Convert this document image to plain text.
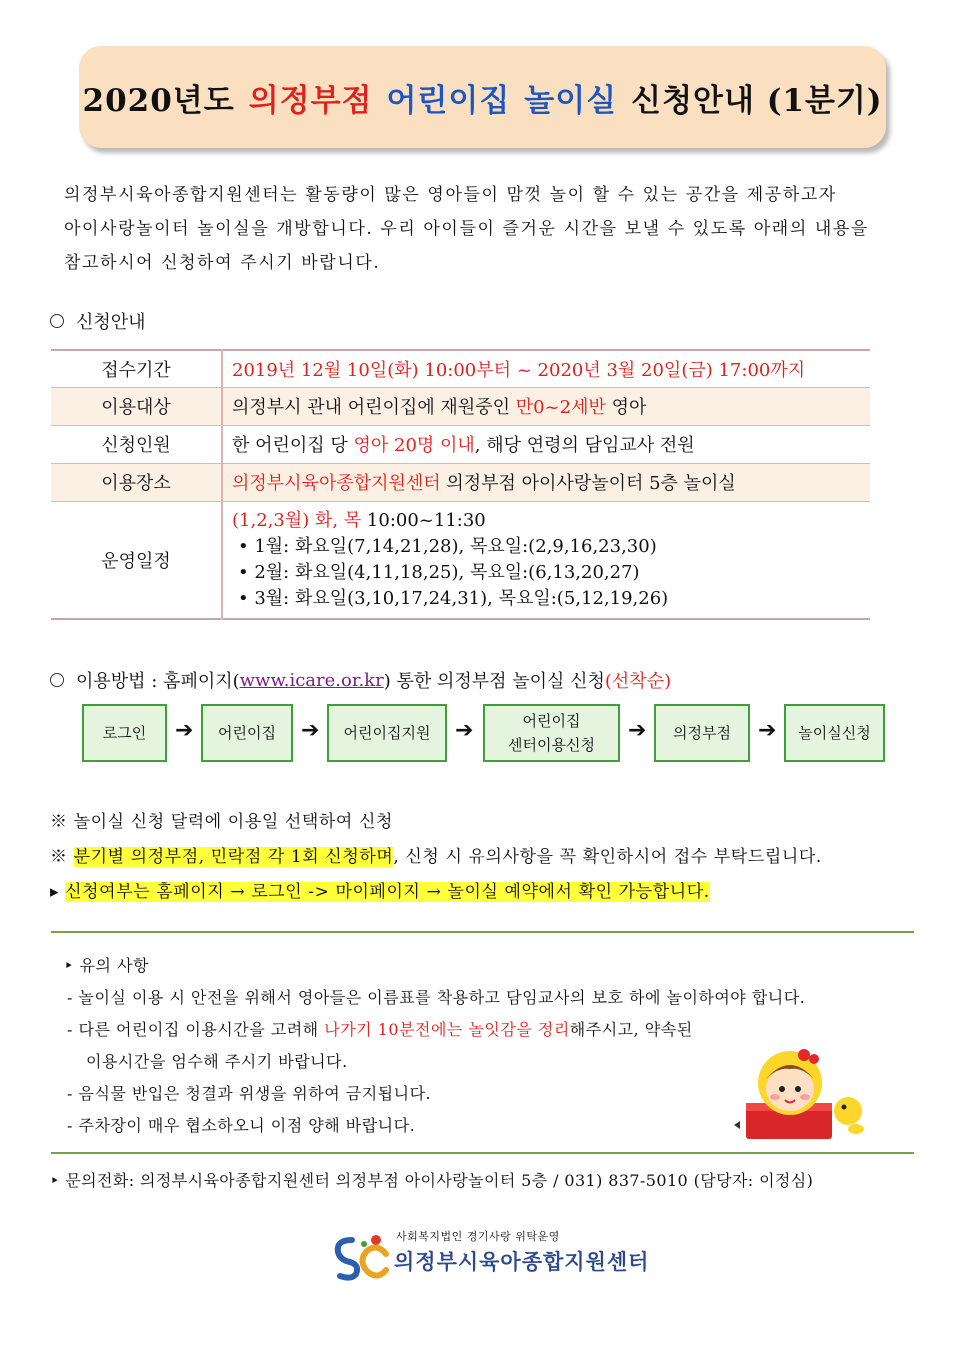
2020년도 의정부점 어린이집 놀이실 신청안내 (1분기)
의정부시육아종합지원센터는 활동량이 많은 영아들이 맘껏 놀이 할 수 있는 공간을 제공하고자
아이사랑놀이터 놀이실을 개방합니다. 우리 아이들이 즐거운 시간을 보낼 수 있도록 아래의 내용을
참고하시어 신청하여 주시기 바랍니다.
신청안내
접수기간	2019년 12월 10일(화) 10:00부터 ~ 2020년 3월 20일(금) 17:00까지
이용대상	의정부시 관내 어린이집에 재원중인 만0~2세반 영아
신청인원	한 어린이집 당 영아 20명 이내, 해당 연령의 담임교사 전원
이용장소	의정부시육아종합지원센터 의정부점 아이사랑놀이터 5층 놀이실
운영일정	(1,2,3월) 화, 목 10:00~11:30
• 1월: 화요일(7,14,21,28), 목요일:(2,9,16,23,30)
• 2월: 화요일(4,11,18,25), 목요일:(6,13,20,27)
• 3월: 화요일(3,10,17,24,31), 목요일:(5,12,19,26)
이용방법 : 홈페이지( www.icare.or.kr ) 통한 의정부점 놀이실 신청 (선착순)
로그인	➔	어린이집	➔	어린이집지원	➔	어린이집
센터이용신청
➔	의정부점	➔	놀이실신청
※ 놀이실 신청 달력에 이용일 선택하여 신청
※ 분기별 의정부점, 민락점 각 1회 신청하며, 신청 시 유의사항을 꼭 확인하시어 접수 부탁드립니다.
▸ 신청여부는 홈페이지 → 로그인 -> 마이페이지 → 놀이실 예약에서 확인 가능합니다.
‣ 유의 사항
- 놀이실 이용 시 안전을 위해서 영아들은 이름표를 착용하고 담임교사의 보호 하에 놀이하여야 합니다.
- 다른 어린이집 이용시간을 고려해 나가기 10분전에는 놀잇감을 정리해주시고, 약속된
이용시간을 엄수해 주시기 바랍니다.
- 음식물 반입은 청결과 위생을 위하여 금지됩니다.
- 주차장이 매우 협소하오니 이점 양해 바랍니다.
‣ 문의전화: 의정부시육아종합지원센터 의정부점 아이사랑놀이터 5층 / 031) 837-5010 (담당자: 이정심)
사회복지법인 경기사랑 위탁운영
의정부시육아종합지원센터
